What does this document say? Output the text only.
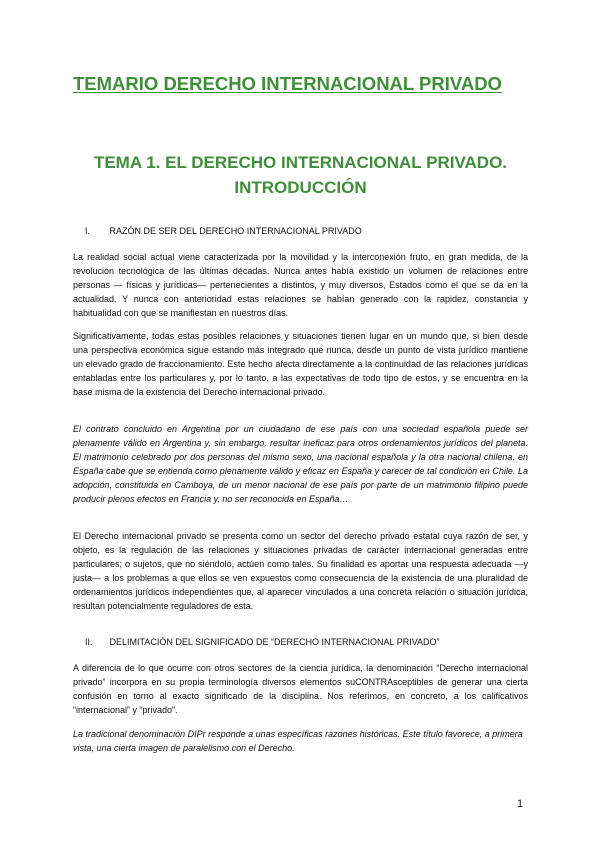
TEMARIO DERECHO INTERNACIONAL PRIVADO
TEMA 1. EL DERECHO INTERNACIONAL PRIVADO. INTRODUCCIÓN
I. RAZÓN DE SER DEL DERECHO INTERNACIONAL PRIVADO

La realidad social actual viene caracterizada por la movilidad y la interconexión fruto, en gran medida, de la revolución tecnológica de las últimas décadas. Nunca antes había existido un volumen de relaciones entre personas — físicas y jurídicas— pertenecientes a distintos, y muy diversos, Estados como el que se da en la actualidad. Y nunca con anterioridad estas relaciones se habían generado con la rapidez, constancia y habitualidad con que se manifiestan en nuestros días.

Significativamente, todas estas posibles relaciones y situaciones tienen lugar en un mundo que, si bien desde una perspectiva económica sigue estando más integrado que nunca, desde un punto de vista jurídico mantiene un elevado grado de fraccionamiento. Este hecho afecta directamente a la continuidad de las relaciones jurídicas entabladas entre los particulares y, por lo tanto, a las expectativas de todo tipo de estos, y se encuentra en la base misma de la existencia del Derecho internacional privado.

El contrato concluido en Argentina por un ciudadano de ese país con una sociedad española puede ser plenamente válido en Argentina y, sin embargo, resultar ineficaz para otros ordenamientos jurídicos del planeta. El matrimonio celebrado por dos personas del mismo sexo, una nacional española y la otra nacional chilena, en España cabe que se entienda como plenamente válido y eficaz en España y carecer de tal condición en Chile. La adopción, constituida en Camboya, de un menor nacional de ese país por parte de un matrimonio filipino puede producir plenos efectos en Francia y, no ser reconocida en España…

El Derecho internacional privado se presenta como un sector del derecho privado estatal cuya razón de ser, y objeto, es la regulación de las relaciones y situaciones privadas de carácter internacional generadas entre particulares; o sujetos, que no siéndolo, actúen como tales. Su finalidad es aportar una respuesta adecuada —y justa— a los problemas a que ellos se ven expuestos como consecuencia de la existencia de una pluralidad de ordenamientos jurídicos independientes que, al aparecer vinculados a una concreta relación o situación jurídica, resultan potencialmente reguladores de esta.

II. DELIMITACIÓN DEL SIGNIFICADO DE “DERECHO INTERNACIONAL PRIVADO”

A diferencia de lo que ocurre con otros sectores de la ciencia jurídica, la denominación “Derecho internacional privado” incorpora en su propia terminología diversos elementos suCONTRAsceptibles de generar una cierta confusión en torno al exacto significado de la disciplina. Nos referimos, en concreto, a los calificativos “internacional” y “privado”.

La tradicional denominación DIPr responde a unas específicas razones históricas. Este título favorece, a primera vista, una cierta imagen de paralelismo con el Derecho.

1
